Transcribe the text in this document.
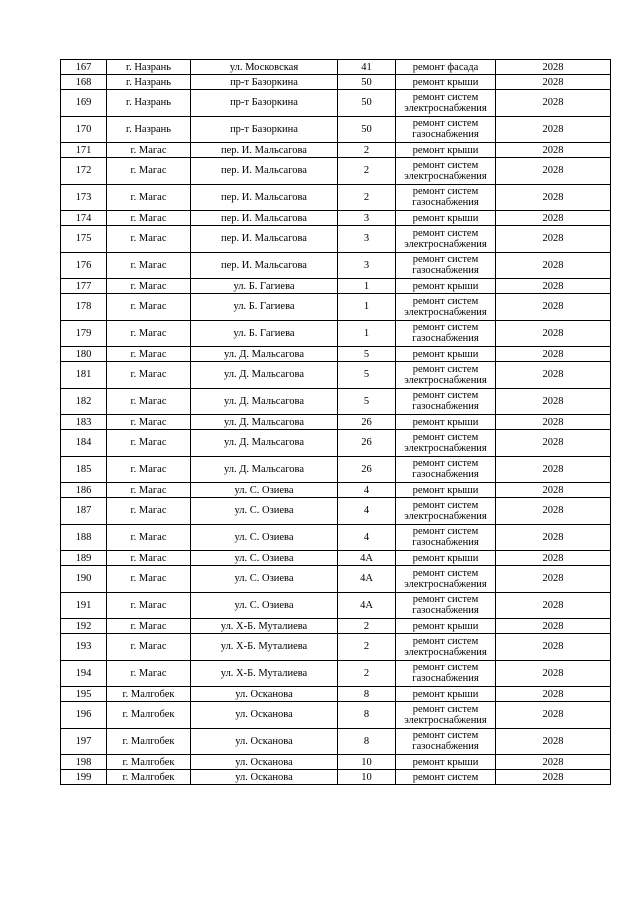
167	г. Назрань	ул. Московская	41	ремонт фасада	2028
168	г. Назрань	пр-т Базоркина	50	ремонт крыши	2028
169	г. Назрань	пр-т Базоркина	50	ремонт систем электроснабжения	2028
170	г. Назрань	пр-т Базоркина	50	ремонт систем газоснабжения	2028
171	г. Магас	пер. И. Мальсагова	2	ремонт крыши	2028
172	г. Магас	пер. И. Мальсагова	2	ремонт систем электроснабжения	2028
173	г. Магас	пер. И. Мальсагова	2	ремонт систем газоснабжения	2028
174	г. Магас	пер. И. Мальсагова	3	ремонт крыши	2028
175	г. Магас	пер. И. Мальсагова	3	ремонт систем электроснабжения	2028
176	г. Магас	пер. И. Мальсагова	3	ремонт систем газоснабжения	2028
177	г. Магас	ул. Б. Гагиева	1	ремонт крыши	2028
178	г. Магас	ул. Б. Гагиева	1	ремонт систем электроснабжения	2028
179	г. Магас	ул. Б. Гагиева	1	ремонт систем газоснабжения	2028
180	г. Магас	ул. Д. Мальсагова	5	ремонт крыши	2028
181	г. Магас	ул. Д. Мальсагова	5	ремонт систем электроснабжения	2028
182	г. Магас	ул. Д. Мальсагова	5	ремонт систем газоснабжения	2028
183	г. Магас	ул. Д. Мальсагова	26	ремонт крыши	2028
184	г. Магас	ул. Д. Мальсагова	26	ремонт систем электроснабжения	2028
185	г. Магас	ул. Д. Мальсагова	26	ремонт систем газоснабжения	2028
186	г. Магас	ул. С. Озиева	4	ремонт крыши	2028
187	г. Магас	ул. С. Озиева	4	ремонт систем электроснабжения	2028
188	г. Магас	ул. С. Озиева	4	ремонт систем газоснабжения	2028
189	г. Магас	ул. С. Озиева	4А	ремонт крыши	2028
190	г. Магас	ул. С. Озиева	4А	ремонт систем электроснабжения	2028
191	г. Магас	ул. С. Озиева	4А	ремонт систем газоснабжения	2028
192	г. Магас	ул. Х-Б. Муталиева	2	ремонт крыши	2028
193	г. Магас	ул. Х-Б. Муталиева	2	ремонт систем электроснабжения	2028
194	г. Магас	ул. Х-Б. Муталиева	2	ремонт систем газоснабжения	2028
195	г. Малгобек	ул. Осканова	8	ремонт крыши	2028
196	г. Малгобек	ул. Осканова	8	ремонт систем электроснабжения	2028
197	г. Малгобек	ул. Осканова	8	ремонт систем газоснабжения	2028
198	г. Малгобек	ул. Осканова	10	ремонт крыши	2028
199	г. Малгобек	ул. Осканова	10	ремонт систем	2028
